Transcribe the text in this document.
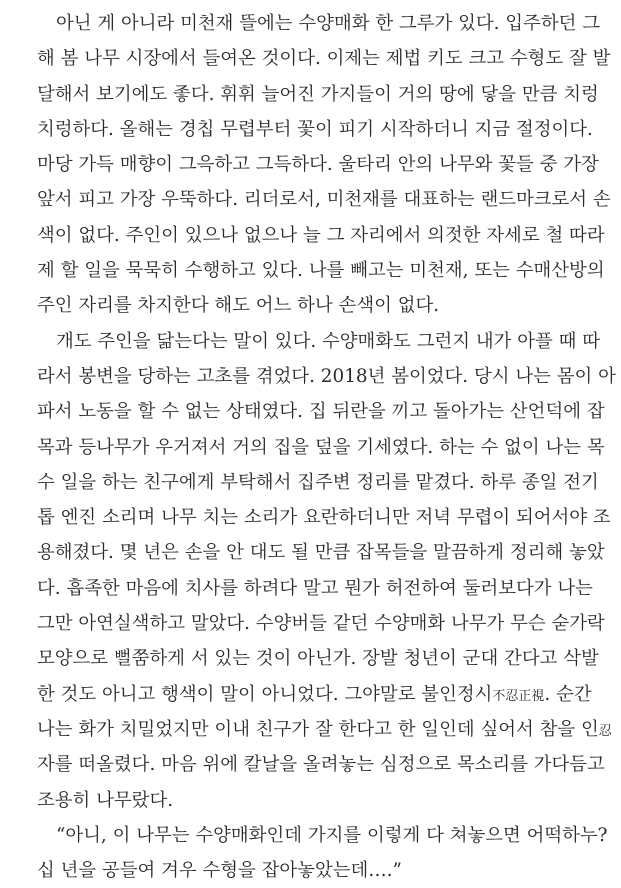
아닌 게 아니라 미천재 뜰에는 수양매화 한 그루가 있다. 입주하던 그
해 봄 나무 시장에서 들여온 것이다. 이제는 제법 키도 크고 수형도 잘 발
달해서 보기에도 좋다. 휘휘 늘어진 가지들이 거의 땅에 닿을 만큼 치렁
치렁하다. 올해는 경칩 무렵부터 꽃이 피기 시작하더니 지금 절정이다.
마당 가득 매향이 그윽하고 그득하다. 울타리 안의 나무와 꽃들 중 가장
앞서 피고 가장 우뚝하다. 리더로서, 미천재를 대표하는 랜드마크로서 손
색이 없다. 주인이 있으나 없으나 늘 그 자리에서 의젓한 자세로 철 따라
제 할 일을 묵묵히 수행하고 있다. 나를 빼고는 미천재, 또는 수매산방의
주인 자리를 차지한다 해도 어느 하나 손색이 없다.
개도 주인을 닮는다는 말이 있다. 수양매화도 그런지 내가 아플 때 따
라서 봉변을 당하는 고초를 겪었다. 2018년 봄이었다. 당시 나는 몸이 아
파서 노동을 할 수 없는 상태였다. 집 뒤란을 끼고 돌아가는 산언덕에 잡
목과 등나무가 우거져서 거의 집을 덮을 기세였다. 하는 수 없이 나는 목
수 일을 하는 친구에게 부탁해서 집주변 정리를 맡겼다. 하루 종일 전기
톱 엔진 소리며 나무 치는 소리가 요란하더니만 저녁 무렵이 되어서야 조
용해졌다. 몇 년은 손을 안 대도 될 만큼 잡목들을 말끔하게 정리해 놓았
다. 흡족한 마음에 치사를 하려다 말고 뭔가 허전하여 둘러보다가 나는
그만 아연실색하고 말았다. 수양버들 같던 수양매화 나무가 무슨 숟가락
모양으로 뻘쭘하게 서 있는 것이 아닌가. 장발 청년이 군대 간다고 삭발
한 것도 아니고 행색이 말이 아니었다. 그야말로 불인정시不忍正視. 순간
나는 화가 치밀었지만 이내 친구가 잘 한다고 한 일인데 싶어서 참을 인忍
자를 떠올렸다. 마음 위에 칼날을 올려놓는 심정으로 목소리를 가다듬고
조용히 나무랐다.
“아니, 이 나무는 수양매화인데 가지를 이렇게 다 쳐놓으면 어떡하누?
십 년을 공들여 겨우 수형을 잡아놓았는데….”
